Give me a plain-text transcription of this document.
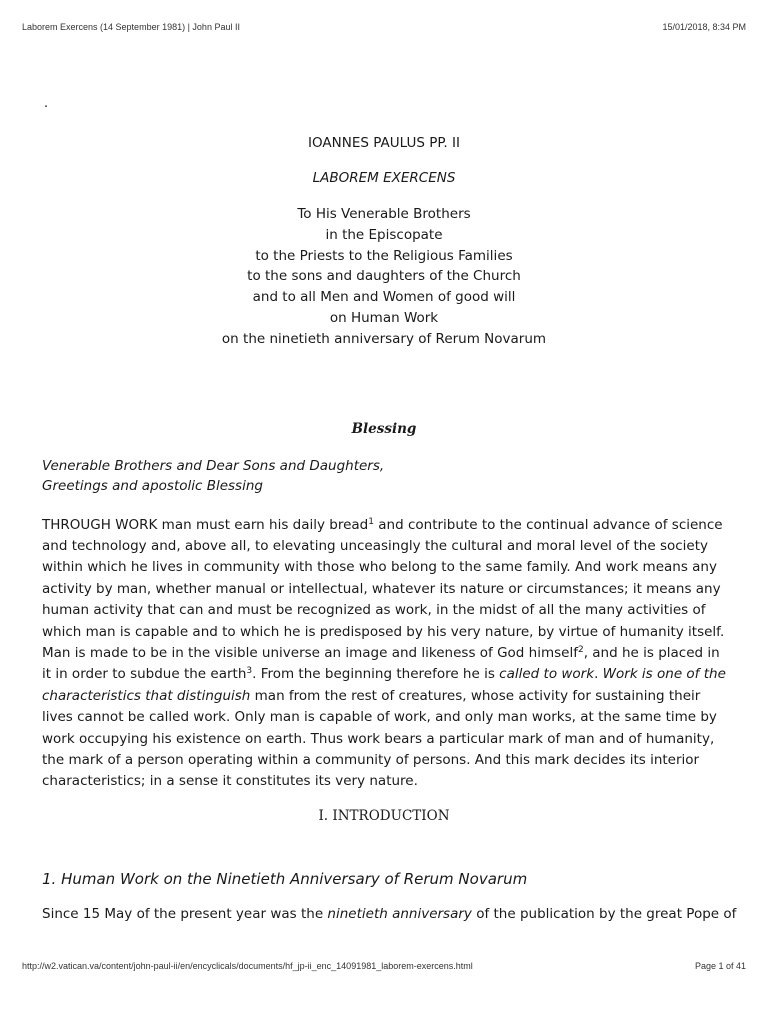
Laborem Exercens (14 September 1981) | John Paul II	15/01/2018, 8:34 PM
.
IOANNES PAULUS PP. II
LABOREM EXERCENS
To His Venerable Brothers
in the Episcopate
to the Priests to the Religious Families
to the sons and daughters of the Church
and to all Men and Women of good will
on Human Work
on the ninetieth anniversary of Rerum Novarum
Blessing
Venerable Brothers and Dear Sons and Daughters,
Greetings and apostolic Blessing

THROUGH WORK man must earn his daily bread$^1$ and contribute to the continual advance of science and technology and, above all, to elevating unceasingly the cultural and moral level of the society within which he lives in community with those who belong to the same family. And work means any activity by man, whether manual or intellectual, whatever its nature or circumstances; it means any human activity that can and must be recognized as work, in the midst of all the many activities of which man is capable and to which he is predisposed by his very nature, by virtue of humanity itself. Man is made to be in the visible universe an image and likeness of God himself$^2$, and he is placed in it in order to subdue the earth$^3$. From the beginning therefore he is called to work. Work is one of the characteristics that distinguish man from the rest of creatures, whose activity for sustaining their lives cannot be called work. Only man is capable of work, and only man works, at the same time by work occupying his existence on earth. Thus work bears a particular mark of man and of humanity, the mark of a person operating within a community of persons. And this mark decides its interior characteristics; in a sense it constitutes its very nature.

I. INTRODUCTION
1. Human Work on the Ninetieth Anniversary of Rerum Novarum

Since 15 May of the present year was the ninetieth anniversary of the publication by the great Pope of

http://w2.vatican.va/content/john-paul-ii/en/encyclicals/documents/hf_jp-ii_enc_14091981_laborem-exercens.html	Page 1 of 41
